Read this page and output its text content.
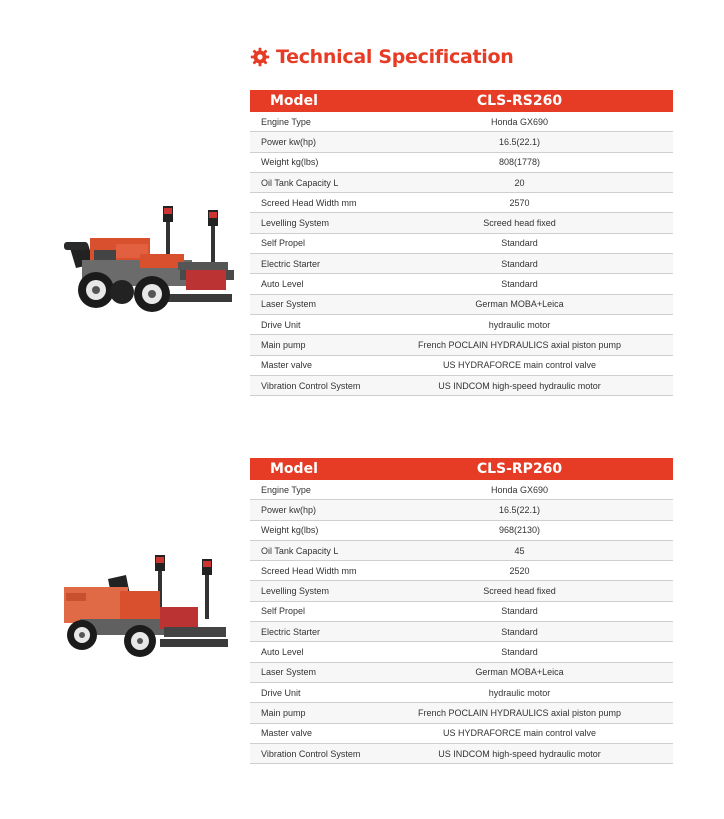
Technical Specification
Model	CLS-RS260
Engine Type	Honda GX690
Power kw(hp)	16.5(22.1)
Weight kg(lbs)	808(1778)
Oil Tank Capacity L	20
Screed Head Width mm	2570
Levelling System	Screed head fixed
Self Propel	Standard
Electric Starter	Standard
Auto Level	Standard
Laser System	German MOBA+Leica
Drive Unit	hydraulic motor
Main pump	French POCLAIN HYDRAULICS axial piston pump
Master valve	US HYDRAFORCE main control valve
Vibration Control System	US INDCOM high-speed hydraulic motor
Model	CLS-RP260
Engine Type	Honda GX690
Power kw(hp)	16.5(22.1)
Weight kg(lbs)	968(2130)
Oil Tank Capacity L	45
Screed Head Width mm	2520
Levelling System	Screed head fixed
Self Propel	Standard
Electric Starter	Standard
Auto Level	Standard
Laser System	German MOBA+Leica
Drive Unit	hydraulic motor
Main pump	French POCLAIN HYDRAULICS axial piston pump
Master valve	US HYDRAFORCE main control valve
Vibration Control System	US INDCOM high-speed hydraulic motor
